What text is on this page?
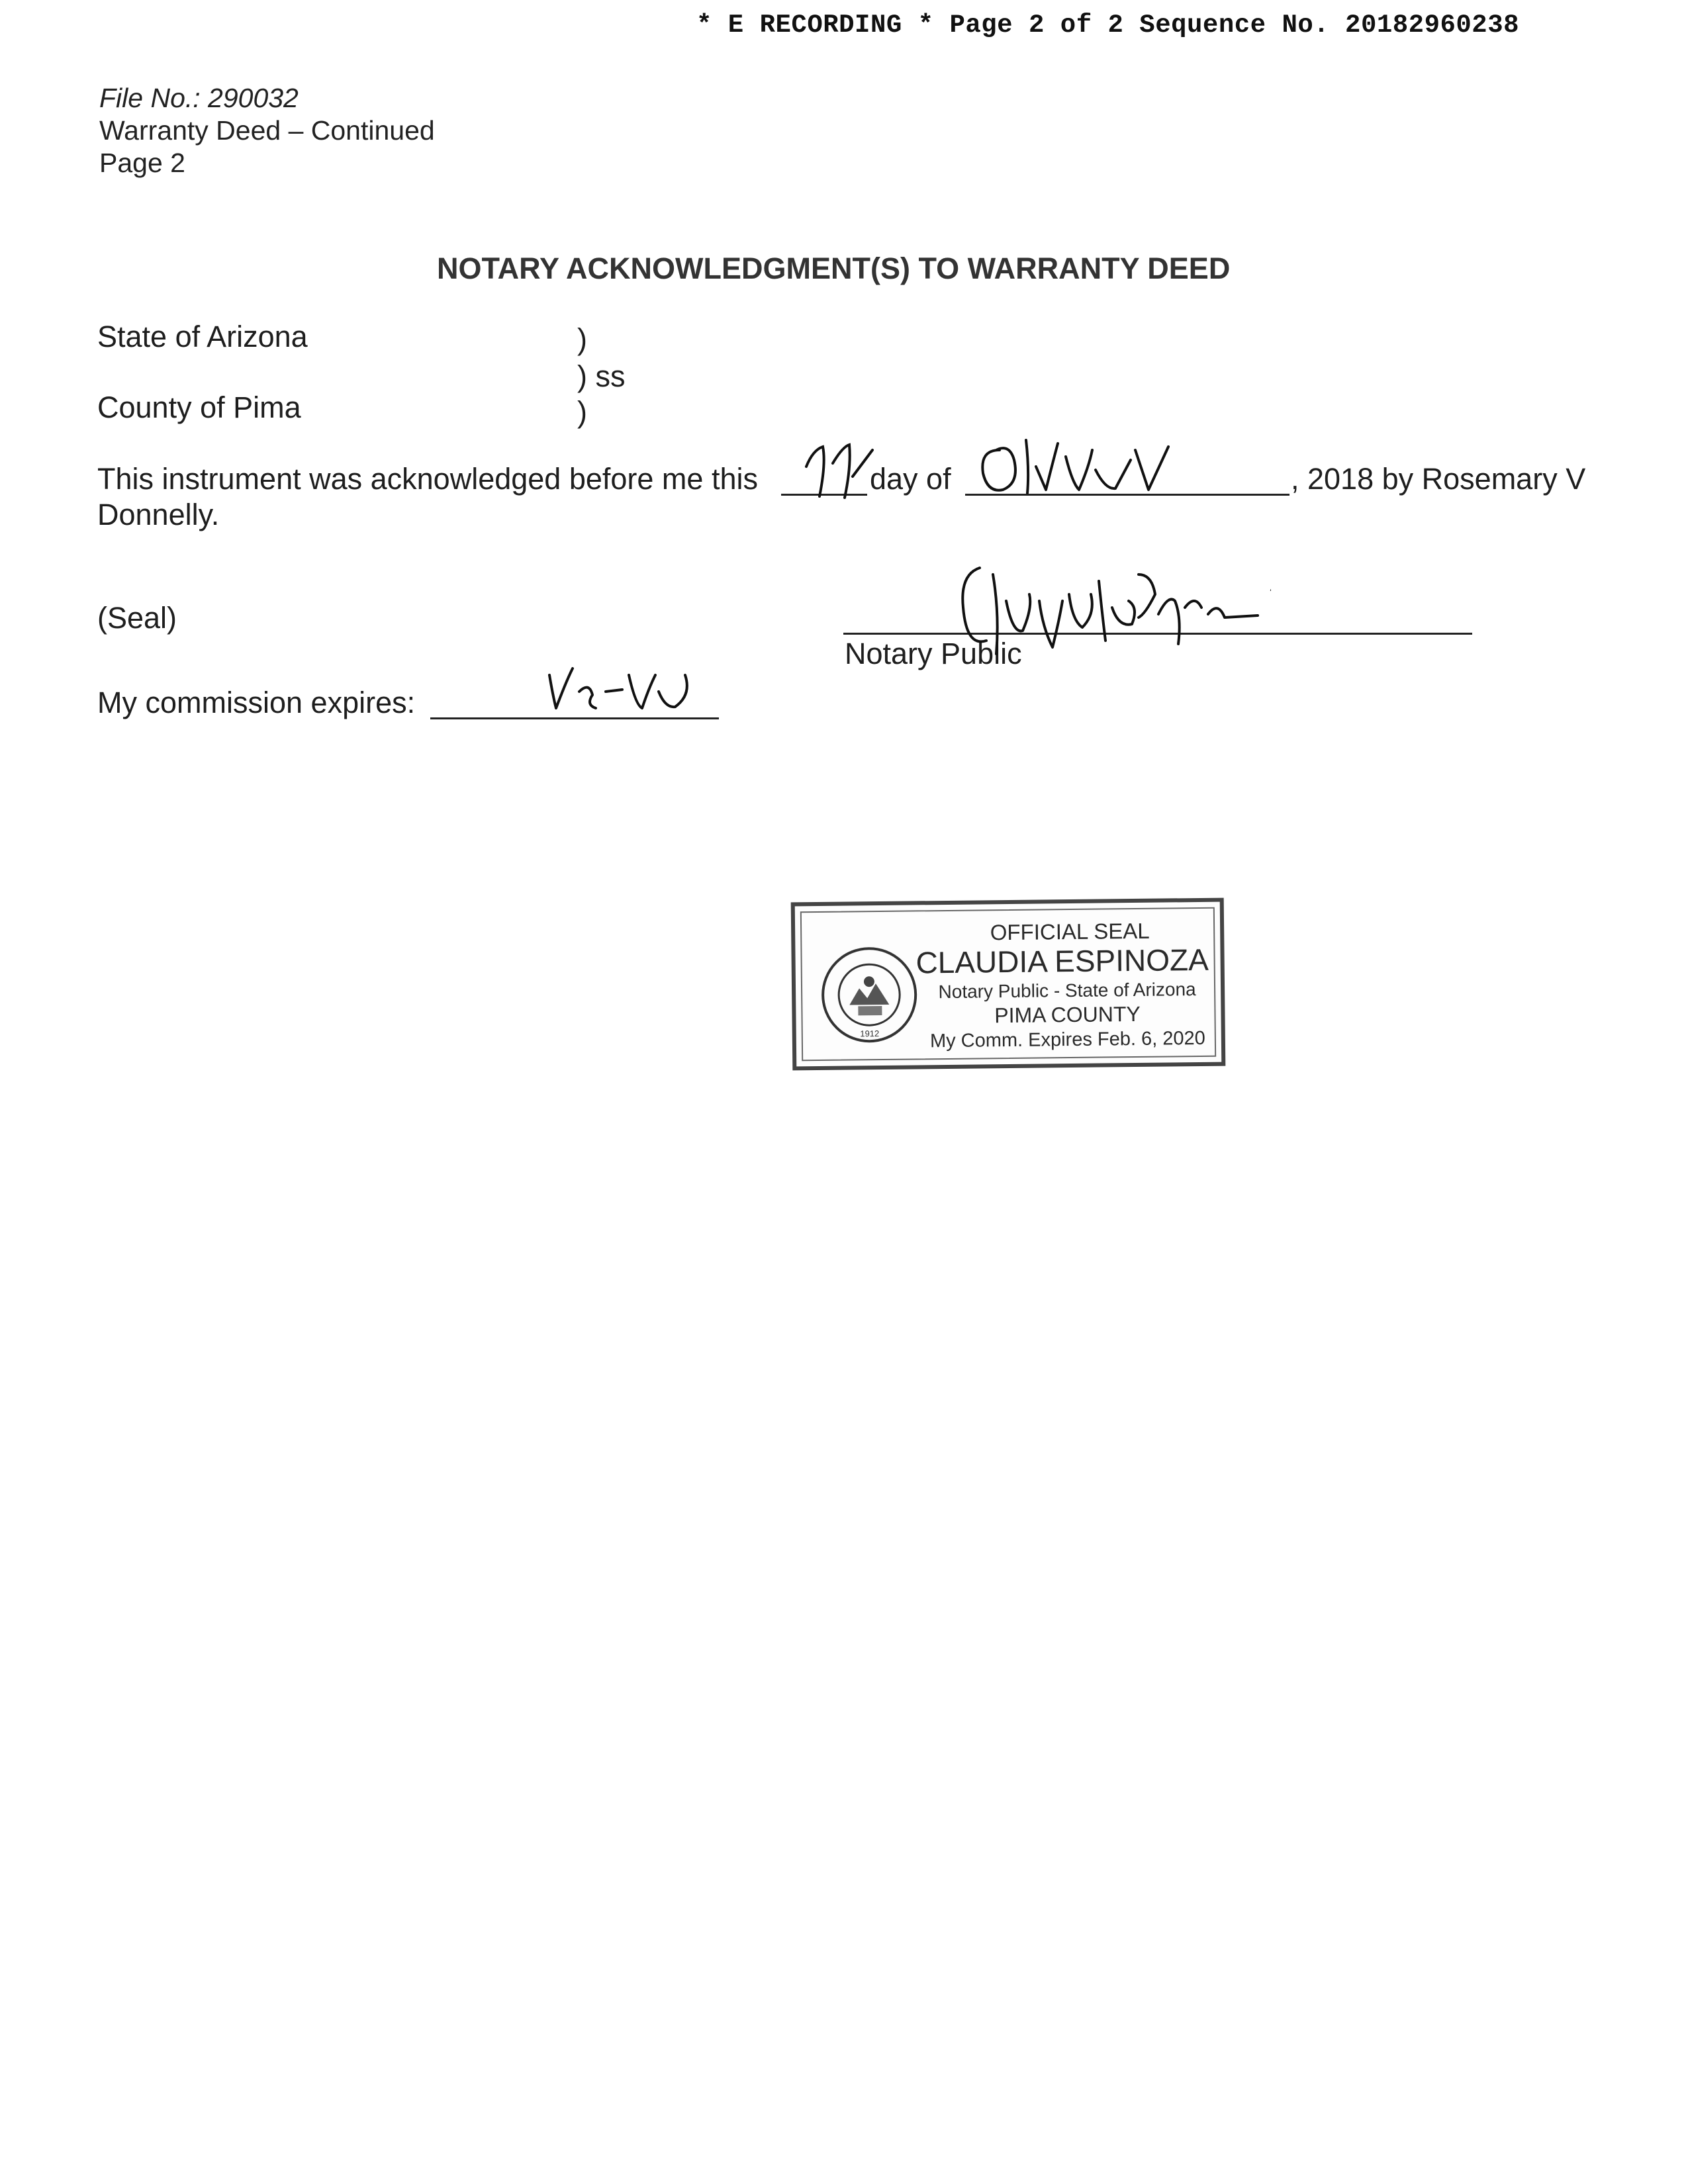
* E RECORDING * Page 2 of 2 Sequence No. 20182960238
File No.: 290032
Warranty Deed – Continued
Page 2
NOTARY ACKNOWLEDGMENT(S) TO WARRANTY DEED
State of Arizona
County of Pima
)
) ss
)
This instrument was acknowledged before me this	day of	, 2018 by Rosemary V
Donnelly.
(Seal)
Notary Public
My commission expires:
1912
OFFICIAL SEAL
CLAUDIA ESPINOZA
Notary Public - State of Arizona
PIMA COUNTY
My Comm. Expires Feb. 6, 2020
